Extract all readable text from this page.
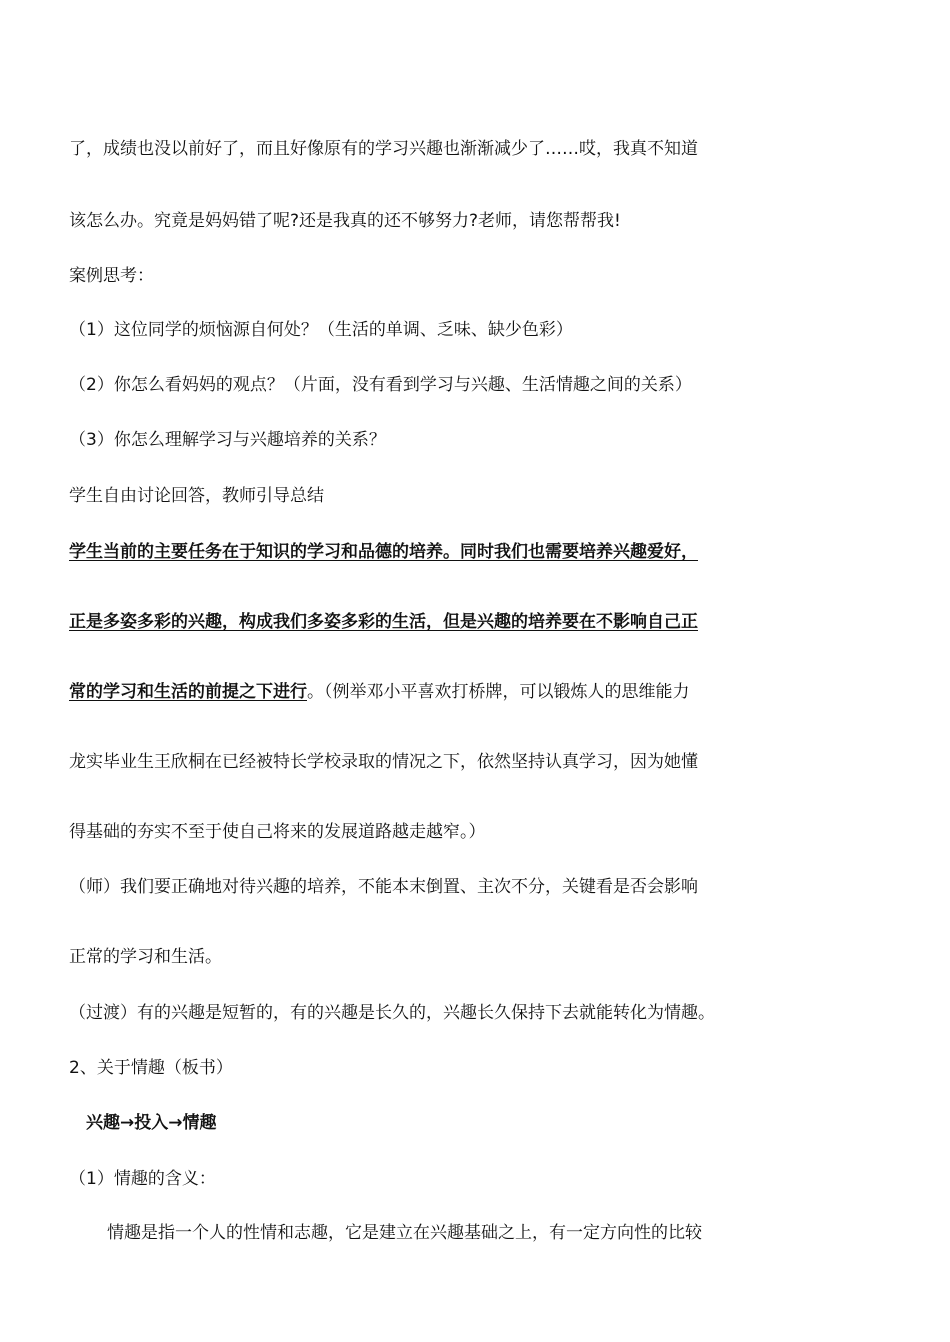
了，成绩也没以前好了，而且好像原有的学习兴趣也渐渐减少了……哎，我真不知道

该怎么办。究竟是妈妈错了呢?还是我真的还不够努力?老师，请您帮帮我!

案例思考：

（1）这位同学的烦恼源自何处？（生活的单调、乏味、缺少色彩）

（2）你怎么看妈妈的观点？（片面，没有看到学习与兴趣、生活情趣之间的关系）

（3）你怎么理解学习与兴趣培养的关系？

学生自由讨论回答，教师引导总结

学生当前的主要任务在于知识的学习和品德的培养。同时我们也需要培养兴趣爱好，

正是多姿多彩的兴趣，构成我们多姿多彩的生活，但是兴趣的培养要在不影响自己正

常的学习和生活的前提之下进行。（例举邓小平喜欢打桥牌，可以锻炼人的思维能力

龙实毕业生王欣桐在已经被特长学校录取的情况之下，依然坚持认真学习，因为她懂

得基础的夯实不至于使自己将来的发展道路越走越窄。）

（师）我们要正确地对待兴趣的培养，不能本末倒置、主次不分，关键看是否会影响

正常的学习和生活。

（过渡）有的兴趣是短暂的，有的兴趣是长久的，兴趣长久保持下去就能转化为情趣。

2、关于情趣（板书）

兴趣→投入→情趣

（1）情趣的含义：

情趣是指一个人的性情和志趣，它是建立在兴趣基础之上，有一定方向性的比较
